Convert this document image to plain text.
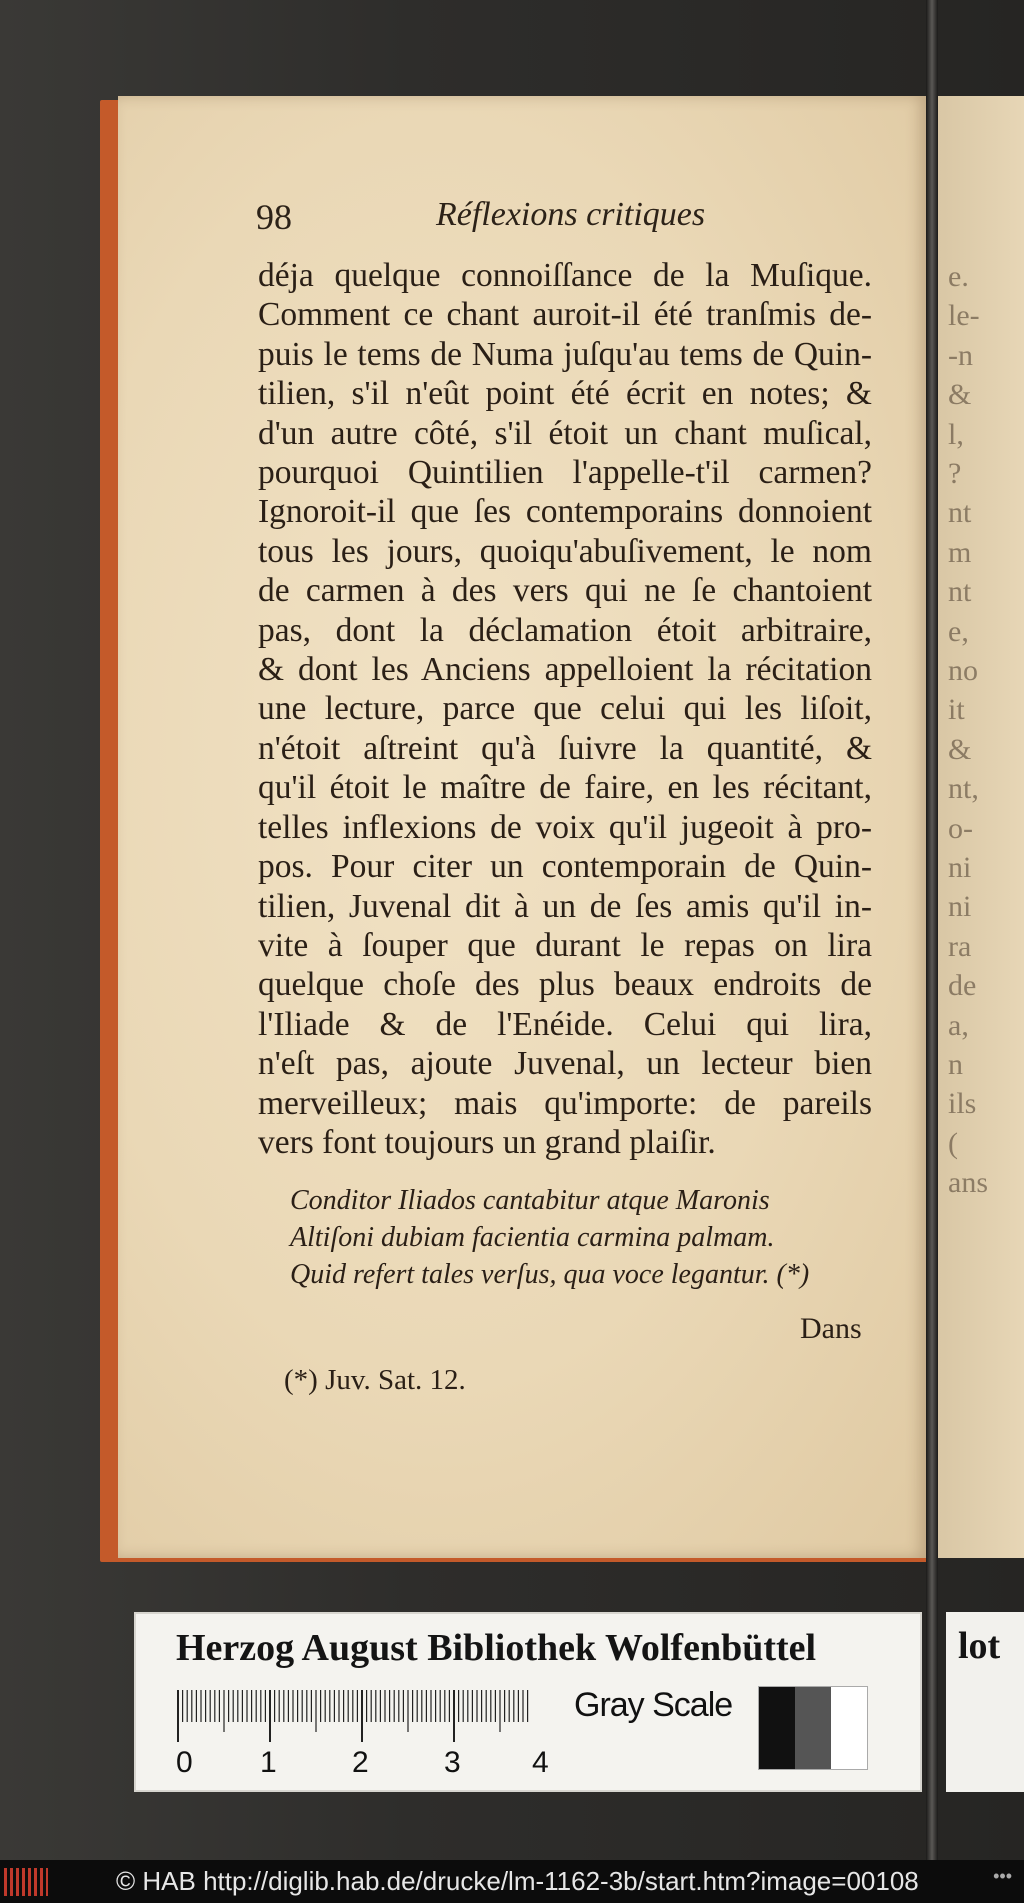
e.
le-
-n
&
l,
?
nt
m
nt
e,
no
it
&
nt,
o-
ni
ni
ra
de
a,
n
ils
(
ans
98	Réflexions critiques
déja quelque connoiſſance de la Muſique.
Comment ce chant auroit-il été tranſmis de-
puis le tems de Numa juſqu'au tems de Quin-
tilien, s'il n'eût point été écrit en notes; &
d'un autre côté, s'il étoit un chant muſical,
pourquoi Quintilien l'appelle-t'il carmen?
Ignoroit-il que ſes contemporains donnoient
tous les jours, quoiqu'abuſivement, le nom
de carmen à des vers qui ne ſe chantoient
pas, dont la déclamation étoit arbitraire,
& dont les Anciens appelloient la récitation
une lecture, parce que celui qui les liſoit,
n'étoit aſtreint qu'à ſuivre la quantité, &
qu'il étoit le maître de faire, en les récitant,
telles inflexions de voix qu'il jugeoit à pro-
pos. Pour citer un contemporain de Quin-
tilien, Juvenal dit à un de ſes amis qu'il in-
vite à ſouper que durant le repas on lira
quelque choſe des plus beaux endroits de
l'Iliade & de l'Enéide. Celui qui lira,
n'eſt pas, ajoute Juvenal, un lecteur bien
merveilleux; mais qu'importe: de pareils
vers font toujours un grand plaiſir.
Conditor Iliados cantabitur atque Maronis
Altiſoni dubiam facientia carmina palmam.
Quid refert tales verſus, qua voce legantur. (*)
Dans
(*) Juv. Sat. 12.
Herzog August Bibliothek Wolfenbüttel
0 1	2	3 4
Gray Scale
lot
© HAB http://diglib.hab.de/drucke/lm-1162-3b/start.htm?image=00108	•••
